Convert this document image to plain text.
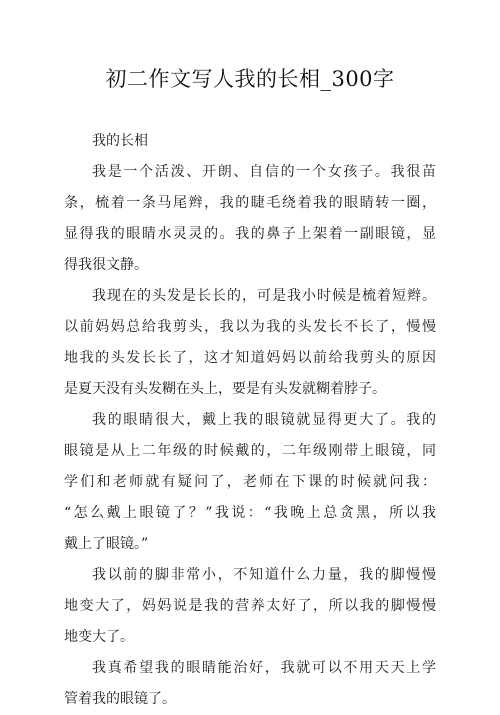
初二作文写人我的长相_300字

我的长相

我是一个活泼、开朗、自信的一个女孩子。我很苗
条，梳着一条马尾辫，我的睫毛绕着我的眼睛转一圈，
显得我的眼睛水灵灵的。我的鼻子上架着一副眼镜，显
得我很文静。

我现在的头发是长长的，可是我小时候是梳着短辫。
以前妈妈总给我剪头，我以为我的头发长不长了，慢慢
地我的头发长长了，这才知道妈妈以前给我剪头的原因
是夏天没有头发糊在头上，要是有头发就糊着脖子。

我的眼睛很大，戴上我的眼镜就显得更大了。我的
眼镜是从上二年级的时候戴的，二年级刚带上眼镜，同
学们和老师就有疑问了，老师在下课的时候就问我：
“怎么戴上眼镜了？”我说：“我晚上总贪黑，所以我
戴上了眼镜。”

我以前的脚非常小，不知道什么力量，我的脚慢慢
地变大了，妈妈说是我的营养太好了，所以我的脚慢慢
地变大了。

我真希望我的眼睛能治好，我就可以不用天天上学
管着我的眼镜了。
